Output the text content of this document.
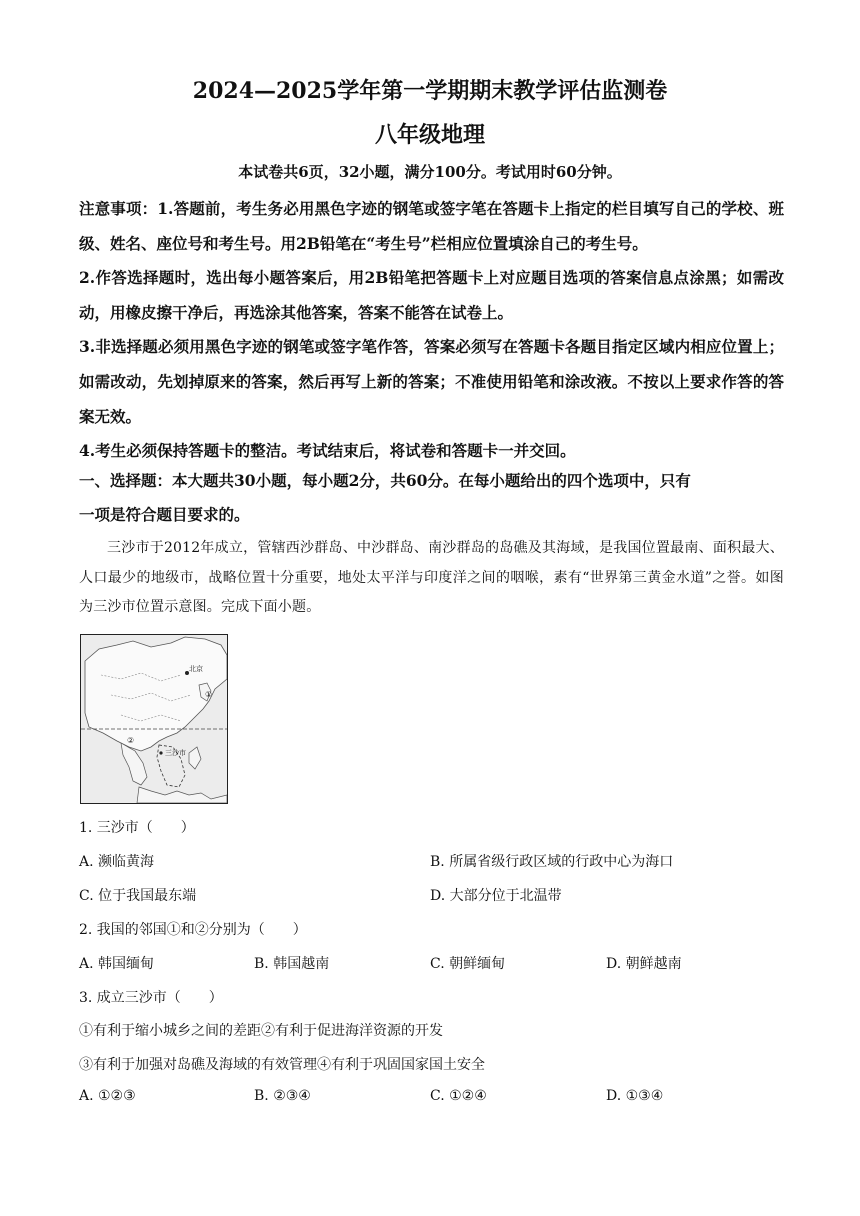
2024—2025学年第一学期期末教学评估监测卷
八年级地理
本试卷共6页，32小题，满分100分。考试用时60分钟。

注意事项：1.答题前，考生务必用黑色字迹的钢笔或签字笔在答题卡上指定的栏目填写自己的学校、班级、姓名、座位号和考生号。用2B铅笔在“考生号”栏相应位置填涂自己的考生号。

2.作答选择题时，选出每小题答案后，用2B铅笔把答题卡上对应题目选项的答案信息点涂黑；如需改动，用橡皮擦干净后，再选涂其他答案，答案不能答在试卷上。

3.非选择题必须用黑色字迹的钢笔或签字笔作答，答案必须写在答题卡各题目指定区域内相应位置上；如需改动，先划掉原来的答案，然后再写上新的答案；不准使用铅笔和涂改液。不按以上要求作答的答案无效。

4.考生必须保持答题卡的整洁。考试结束后，将试卷和答题卡一并交回。

一、选择题：本大题共30小题，每小题2分，共60分。在每小题给出的四个选项中，只有

一项是符合题目要求的。

三沙市于2012年成立，管辖西沙群岛、中沙群岛、南沙群岛的岛礁及其海域，是我国位置最南、面积最大、人口最少的地级市，战略位置十分重要，地处太平洋与印度洋之间的咽喉，素有“世界第三黄金水道”之誉。如图为三沙市位置示意图。完成下面小题。

北京
三沙市
①
②
1. 三沙市（　　）
A. 濒临黄海	B. 所属省级行政区域的行政中心为海口
C. 位于我国最东端	D. 大部分位于北温带
2. 我国的邻国①和②分别为（　　）
A. 韩国缅甸	B. 韩国越南	C. 朝鲜缅甸	D. 朝鲜越南
3. 成立三沙市（　　）
①有利于缩小城乡之间的差距②有利于促进海洋资源的开发
③有利于加强对岛礁及海域的有效管理④有利于巩固国家国土安全
A. ①②③	B. ②③④	C. ①②④	D. ①③④
